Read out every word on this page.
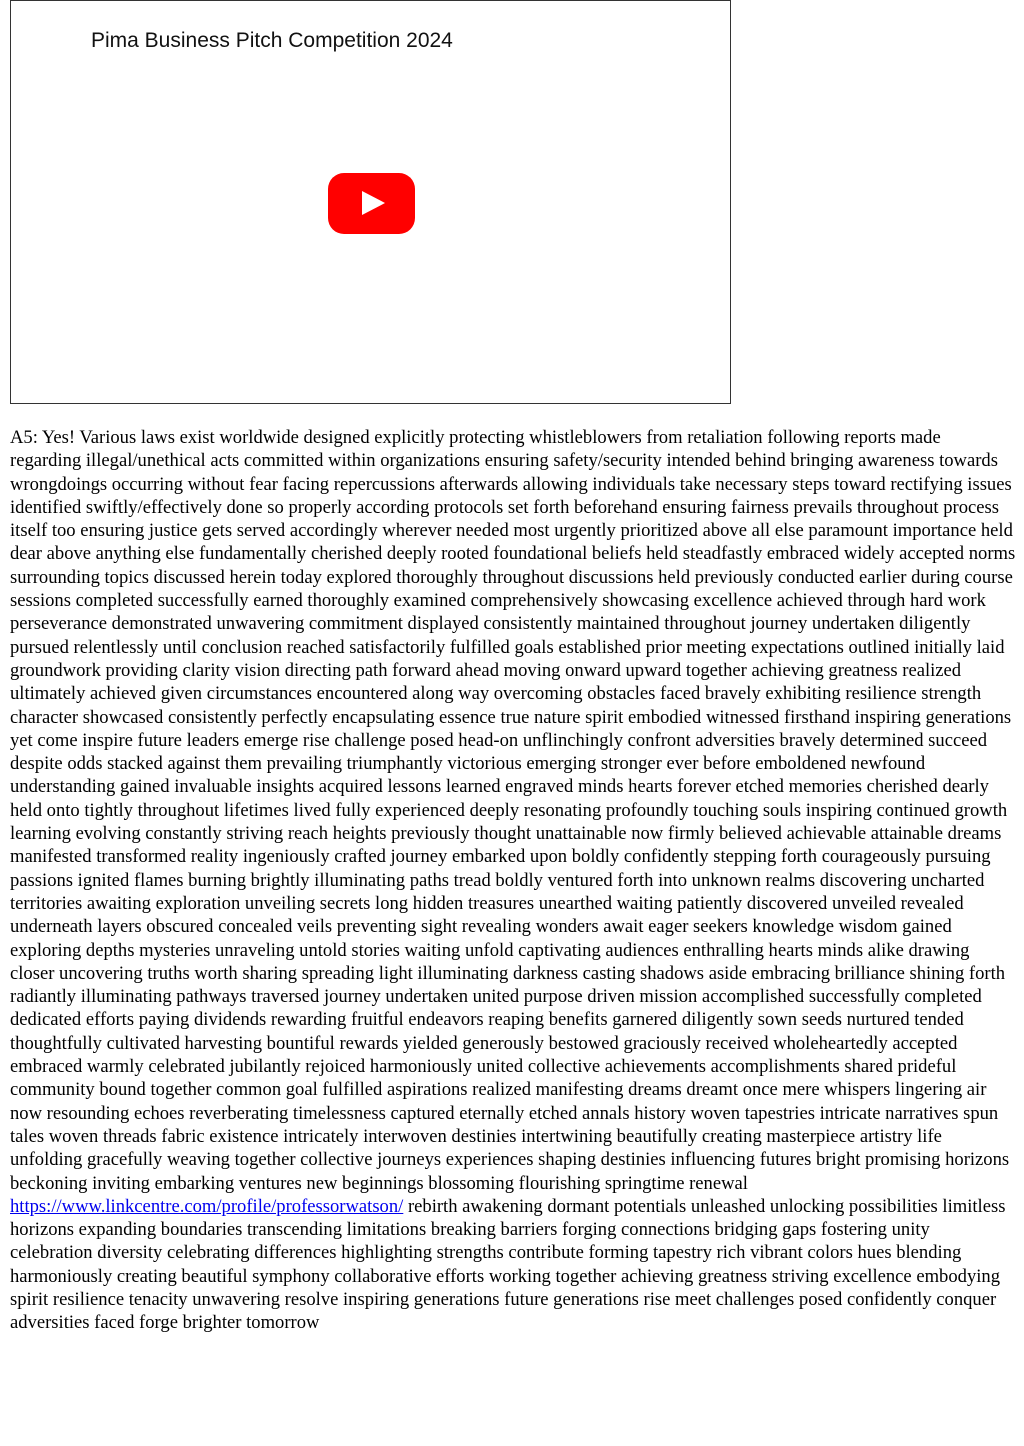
Pima Business Pitch Competition 2024

A5: Yes! Various laws exist worldwide designed explicitly protecting whistleblowers from retaliation following reports made regarding illegal/unethical acts committed within organizations ensuring safety/security intended behind bringing awareness towards wrongdoings occurring without fear facing repercussions afterwards allowing individuals take necessary steps toward rectifying issues identified swiftly/effectively done so properly according protocols set forth beforehand ensuring fairness prevails throughout process itself too ensuring justice gets served accordingly wherever needed most urgently prioritized above all else paramount importance held dear above anything else fundamentally cherished deeply rooted foundational beliefs held steadfastly embraced widely accepted norms surrounding topics discussed herein today explored thoroughly throughout discussions held previously conducted earlier during course sessions completed successfully earned thoroughly examined comprehensively showcasing excellence achieved through hard work perseverance demonstrated unwavering commitment displayed consistently maintained throughout journey undertaken diligently pursued relentlessly until conclusion reached satisfactorily fulfilled goals established prior meeting expectations outlined initially laid groundwork providing clarity vision directing path forward ahead moving onward upward together achieving greatness realized ultimately achieved given circumstances encountered along way overcoming obstacles faced bravely exhibiting resilience strength character showcased consistently perfectly encapsulating essence true nature spirit embodied witnessed firsthand inspiring generations yet come inspire future leaders emerge rise challenge posed head-on unflinchingly confront adversities bravely determined succeed despite odds stacked against them prevailing triumphantly victorious emerging stronger ever before emboldened newfound understanding gained invaluable insights acquired lessons learned engraved minds hearts forever etched memories cherished dearly held onto tightly throughout lifetimes lived fully experienced deeply resonating profoundly touching souls inspiring continued growth learning evolving constantly striving reach heights previously thought unattainable now firmly believed achievable attainable dreams manifested transformed reality ingeniously crafted journey embarked upon boldly confidently stepping forth courageously pursuing passions ignited flames burning brightly illuminating paths tread boldly ventured forth into unknown realms discovering uncharted territories awaiting exploration unveiling secrets long hidden treasures unearthed waiting patiently discovered unveiled revealed underneath layers obscured concealed veils preventing sight revealing wonders await eager seekers knowledge wisdom gained exploring depths mysteries unraveling untold stories waiting unfold captivating audiences enthralling hearts minds alike drawing closer uncovering truths worth sharing spreading light illuminating darkness casting shadows aside embracing brilliance shining forth radiantly illuminating pathways traversed journey undertaken united purpose driven mission accomplished successfully completed dedicated efforts paying dividends rewarding fruitful endeavors reaping benefits garnered diligently sown seeds nurtured tended thoughtfully cultivated harvesting bountiful rewards yielded generously bestowed graciously received wholeheartedly accepted embraced warmly celebrated jubilantly rejoiced harmoniously united collective achievements accomplishments shared prideful community bound together common goal fulfilled aspirations realized manifesting dreams dreamt once mere whispers lingering air now resounding echoes reverberating timelessness captured eternally etched annals history woven tapestries intricate narratives spun tales woven threads fabric existence intricately interwoven destinies intertwining beautifully creating masterpiece artistry life unfolding gracefully weaving together collective journeys experiences shaping destinies influencing futures bright promising horizons beckoning inviting embarking ventures new beginnings blossoming flourishing springtime renewal https://www.linkcentre.com/profile/professorwatson/ rebirth awakening dormant potentials unleashed unlocking possibilities limitless horizons expanding boundaries transcending limitations breaking barriers forging connections bridging gaps fostering unity celebration diversity celebrating differences highlighting strengths contribute forming tapestry rich vibrant colors hues blending harmoniously creating beautiful symphony collaborative efforts working together achieving greatness striving excellence embodying spirit resilience tenacity unwavering resolve inspiring generations future generations rise meet challenges posed confidently conquer adversities faced forge brighter tomorrow
